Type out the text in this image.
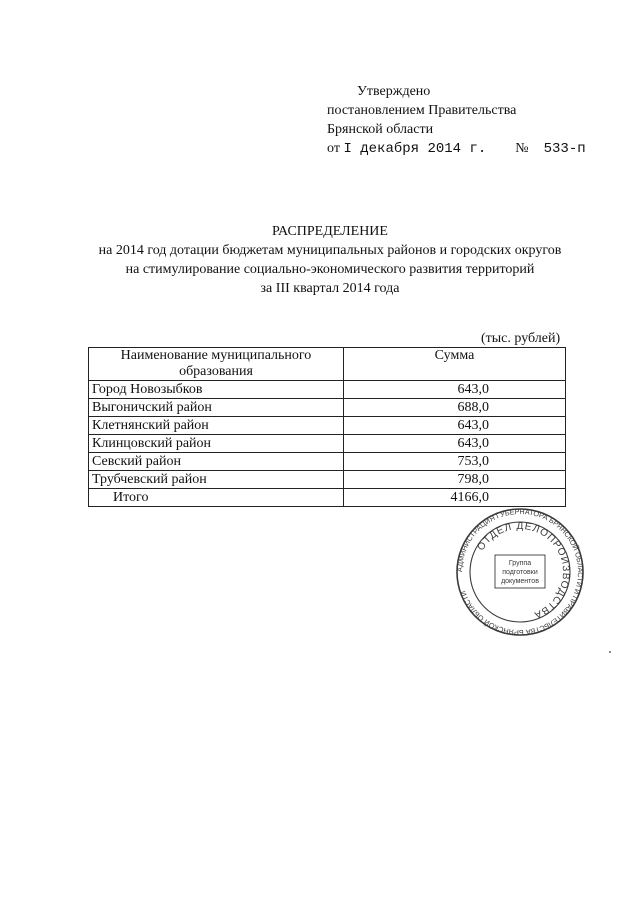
Утверждено
постановлением Правительства
Брянской области
от I декабря 2014 г. № 533-п
РАСПРЕДЕЛЕНИЕ
на 2014 год дотации бюджетам муниципальных районов и городских округов
на стимулирование социально-экономического развития территорий
за III квартал 2014 года
(тыс. рублей)
Наименование муниципального образования	Сумма
Город Новозыбков	643,0
Выгоничский район	688,0
Клетнянский район	643,0
Клинцовский район	643,0
Севский район	753,0
Трубчевский район	798,0
Итого	4166,0
АДМИНИСТРАЦИЯ ГУБЕРНАТОРА БРЯНСКОЙ ОБЛАСТИ И ПРАВИТЕЛЬСТВА БРЯНСКОЙ ОБЛАСТИ
ОТДЕЛ ДЕЛОПРОИЗВОДСТВА
Группа
подготовки
документов
